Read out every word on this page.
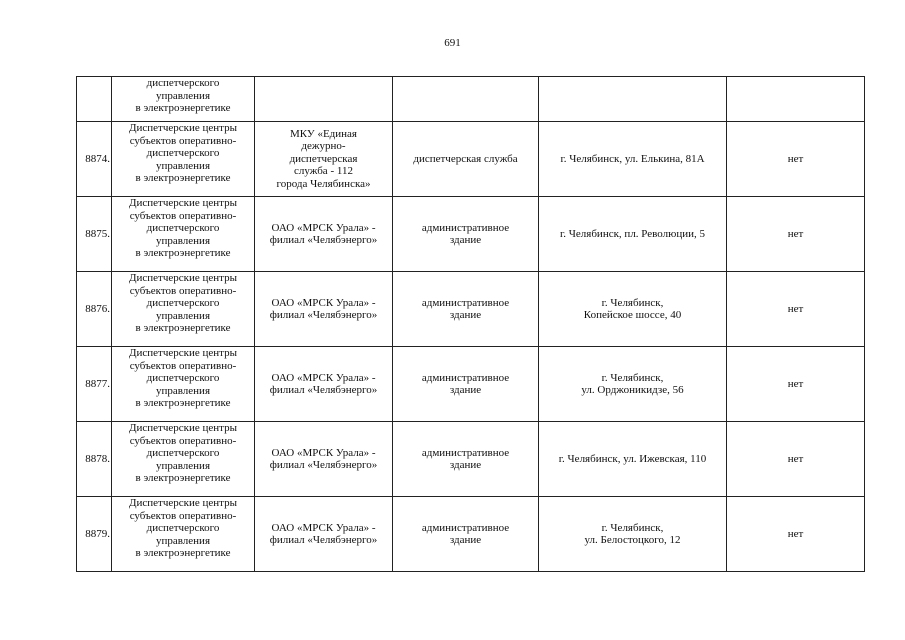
691
	диспетчерского
управления
в электроэнергетике				
8874.	Диспетчерские центры
субъектов оперативно-
диспетчерского
управления
в электроэнергетике	МКУ «Единая
дежурно-
диспетчерская
служба - 112
города Челябинска»	диспетчерская служба	г. Челябинск, ул. Елькина, 81А	нет
8875.	Диспетчерские центры
субъектов оперативно-
диспетчерского
управления
в электроэнергетике	ОАО «МРСК Урала» -
филиал «Челябэнерго»	административное
здание	г. Челябинск, пл. Революции, 5	нет
8876.	Диспетчерские центры
субъектов оперативно-
диспетчерского
управления
в электроэнергетике	ОАО «МРСК Урала» -
филиал «Челябэнерго»	административное
здание	г. Челябинск,
Копейское шоссе, 40	нет
8877.	Диспетчерские центры
субъектов оперативно-
диспетчерского
управления
в электроэнергетике	ОАО «МРСК Урала» -
филиал «Челябэнерго»	административное
здание	г. Челябинск,
ул. Орджоникидзе, 56	нет
8878.	Диспетчерские центры
субъектов оперативно-
диспетчерского
управления
в электроэнергетике	ОАО «МРСК Урала» -
филиал «Челябэнерго»	административное
здание	г. Челябинск, ул. Ижевская, 110	нет
8879.	Диспетчерские центры
субъектов оперативно-
диспетчерского
управления
в электроэнергетике	ОАО «МРСК Урала» -
филиал «Челябэнерго»	административное
здание	г. Челябинск,
ул. Белостоцкого, 12	нет
